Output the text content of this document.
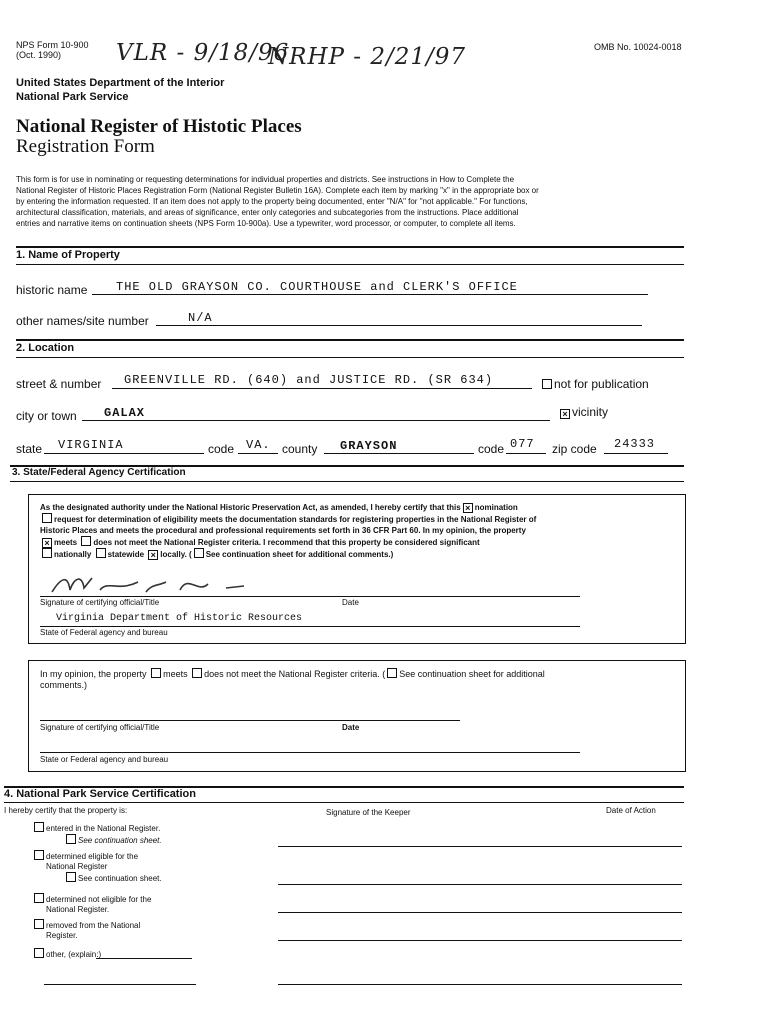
NPS Form 10-900
(Oct. 1990)
OMB No. 10024-0018
VLR - 9/18/96
NRHP - 2/21/97
United States Department of the Interior
National Park Service
National Register of Histotic Places
Registration Form
This form is for use in nominating or requesting determinations for individual properties and districts. See instructions in How to Complete the
National Register of Historic Places Registration Form (National Register Bulletin 16A). Complete each item by marking "x" in the appropriate box or
by entering the information requested. If an item does not apply to the property being documented, enter "N/A" for "not applicable." For functions,
architectural classification, materials, and areas of significance, enter only categories and subcategories from the instructions. Place additional
entries and narrative items on continuation sheets (NPS Form 10-900a). Use a typewriter, word processor, or computer, to complete all items.
1. Name of Property
historic name THE OLD GRAYSON CO. COURTHOUSE and CLERK'S OFFICE
other names/site number	N/A
2. Location
street & number GREENVILLE RD. (640) and JUSTICE RD. (SR 634)	not for publication
city or town GALAX ×	vicinity
state VIRGINIA	code VA. county GRAYSON	code 077 zip code 24333
3. State/Federal Agency Certification
As the designated authority under the National Historic Preservation Act, as amended, I hereby certify that this × nomination
request for determination of eligibility meets the documentation standards for registering properties in the National Register of
Historic Places and meets the procedural and professional requirements set forth in 36 CFR Part 60. In my opinion, the property
×meets does not meet the National Register criteria. I recommend that this property be considered significant
nationally statewide × locally. ( See continuation sheet for additional comments.)
Signature of certifying official/Title	Date
Virginia Department of Historic Resources
State of Federal agency and bureau
In my opinion, the property meets does not meet the National Register criteria. ( See continuation sheet for additional
comments.)
Signature of certifying official/Title	Date
State or Federal agency and bureau
4. National Park Service Certification
I hereby certify that the property is:	Signature of the Keeper	Date of Action
entered in the National Register.
See continuation sheet.
determined eligible for the
National Register
See continuation sheet.
determined not eligible for the
National Register.
removed from the National
Register.
other, (explain:)
